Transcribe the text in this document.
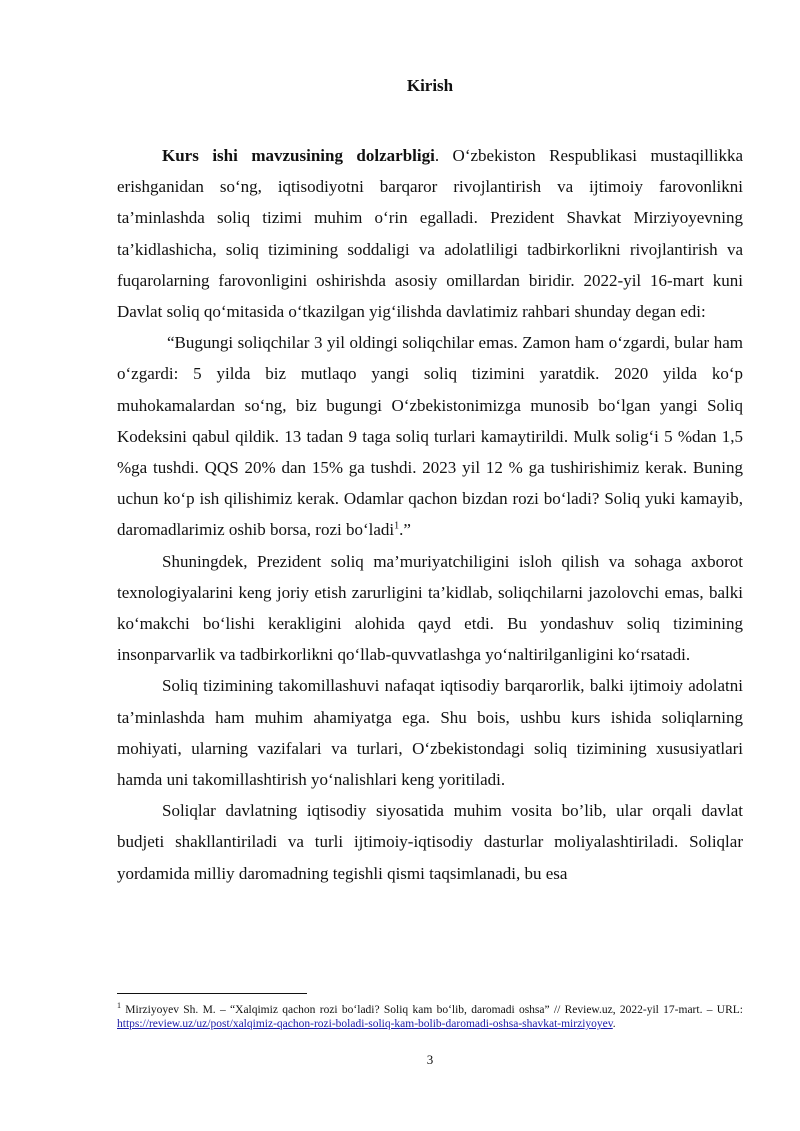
Kirish

Kurs ishi mavzusining dolzarbligi. O‘zbekiston Respublikasi mustaqillikka erishganidan so‘ng, iqtisodiyotni barqaror rivojlantirish va ijtimoiy farovonlikni ta’minlashda soliq tizimi muhim o‘rin egalladi. Prezident Shavkat Mirziyoyevning ta’kidlashicha, soliq tizimining soddaligi va adolatliligi tadbirkorlikni rivojlantirish va fuqarolarning farovonligini oshirishda asosiy omillardan biridir. 2022-yil 16-mart kuni Davlat soliq qo‘mitasida o‘tkazilgan yig‘ilishda davlatimiz rahbari shunday degan edi:

“Bugungi soliqchilar 3 yil oldingi soliqchilar emas. Zamon ham o‘zgardi, bular ham o‘zgardi: 5 yilda biz mutlaqo yangi soliq tizimini yaratdik. 2020 yilda ko‘p muhokamalardan so‘ng, biz bugungi O‘zbekistonimizga munosib bo‘lgan yangi Soliq Kodeksini qabul qildik. 13 tadan 9 taga soliq turlari kamaytirildi. Mulk solig‘i 5 %dan 1,5 %ga tushdi. QQS 20% dan 15% ga tushdi. 2023 yil 12 % ga tushirishimiz kerak. Buning uchun ko‘p ish qilishimiz kerak. Odamlar qachon bizdan rozi bo‘ladi? Soliq yuki kamayib, daromadlarimiz oshib borsa, rozi bo‘ladi$^1$.”

Shuningdek, Prezident soliq ma’muriyatchiligini isloh qilish va sohaga axborot texnologiyalarini keng joriy etish zarurligini ta’kidlab, soliqchilarni jazolovchi emas, balki ko‘makchi bo‘lishi kerakligini alohida qayd etdi. Bu yondashuv soliq tizimining insonparvarlik va tadbirkorlikni qo‘llab-quvvatlashga yo‘naltirilganligini ko‘rsatadi.

Soliq tizimining takomillashuvi nafaqat iqtisodiy barqarorlik, balki ijtimoiy adolatni ta’minlashda ham muhim ahamiyatga ega. Shu bois, ushbu kurs ishida soliqlarning mohiyati, ularning vazifalari va turlari, O‘zbekistondagi soliq tizimining xususiyatlari hamda uni takomillashtirish yo‘nalishlari keng yoritiladi.

Soliqlar davlatning iqtisodiy siyosatida muhim vosita bo’lib, ular orqali davlat budjeti shakllantiriladi va turli ijtimoiy-iqtisodiy dasturlar moliyalashtiriladi. Soliqlar yordamida milliy daromadning tegishli qismi taqsimlanadi, bu esa

$^1$ Mirziyoyev Sh. M. – “Xalqimiz qachon rozi bo‘ladi? Soliq kam bo‘lib, daromadi oshsa” // Review.uz, 2022-yil 17-mart. – URL: https://review.uz/uz/post/xalqimiz-qachon-rozi-boladi-soliq-kam-bolib-daromadi-oshsa-shavkat-mirziyoyev.
3
